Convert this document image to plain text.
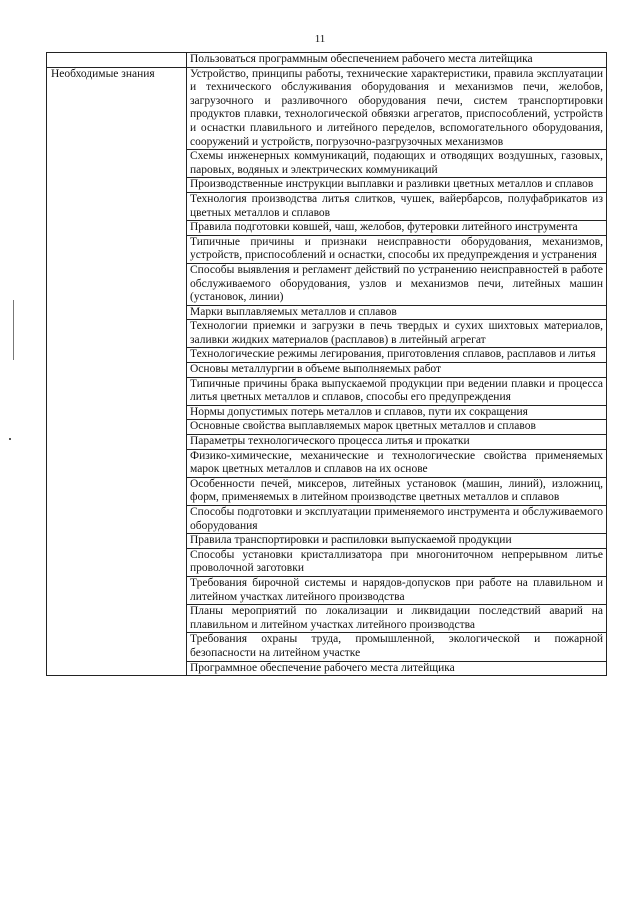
11
	Пользоваться программным обеспечением рабочего места литейщика
Необходимые знания	Устройство, принципы работы, технические характеристики, правила эксплуатации и технического обслуживания оборудования и механизмов печи, желобов, загрузочного и разливочного оборудования печи, систем транспортировки продуктов плавки, технологической обвязки агрегатов, приспособлений, устройств и оснастки плавильного и литейного переделов, вспомогательного оборудования, сооружений и устройств, погрузочно-разгрузочных механизмов
	Схемы инженерных коммуникаций, подающих и отводящих воздушных, газовых, паровых, водяных и электрических коммуникаций
	Производственные инструкции выплавки и разливки цветных металлов и сплавов
	Технология производства литья слитков, чушек, вайербарсов, полуфабрикатов из цветных металлов и сплавов
	Правила подготовки ковшей, чаш, желобов, футеровки литейного инструмента
	Типичные причины и признаки неисправности оборудования, механизмов, устройств, приспособлений и оснастки, способы их предупреждения и устранения
	Способы выявления и регламент действий по устранению неисправностей в работе обслуживаемого оборудования, узлов и механизмов печи, литейных машин (установок, линии)
	Марки выплавляемых металлов и сплавов
	Технологии приемки и загрузки в печь твердых и сухих шихтовых материалов, заливки жидких материалов (расплавов) в литейный агрегат
	Технологические режимы легирования, приготовления сплавов, расплавов и литья
	Основы металлургии в объеме выполняемых работ
	Типичные причины брака выпускаемой продукции при ведении плавки и процесса литья цветных металлов и сплавов, способы его предупреждения
	Нормы допустимых потерь металлов и сплавов, пути их сокращения
	Основные свойства выплавляемых марок цветных металлов и сплавов
	Параметры технологического процесса литья и прокатки
	Физико-химические, механические и технологические свойства применяемых марок цветных металлов и сплавов на их основе
	Особенности печей, миксеров, литейных установок (машин, линий), изложниц, форм, применяемых в литейном производстве цветных металлов и сплавов
	Способы подготовки и эксплуатации применяемого инструмента и обслуживаемого оборудования
	Правила транспортировки и распиловки выпускаемой продукции
	Способы установки кристаллизатора при многониточном непрерывном литье проволочной заготовки
	Требования бирочной системы и нарядов-допусков при работе на плавильном и литейном участках литейного производства
	Планы мероприятий по локализации и ликвидации последствий аварий на плавильном и литейном участках литейного производства
	Требования охраны труда, промышленной, экологической и пожарной безопасности на литейном участке
	Программное обеспечение рабочего места литейщика
